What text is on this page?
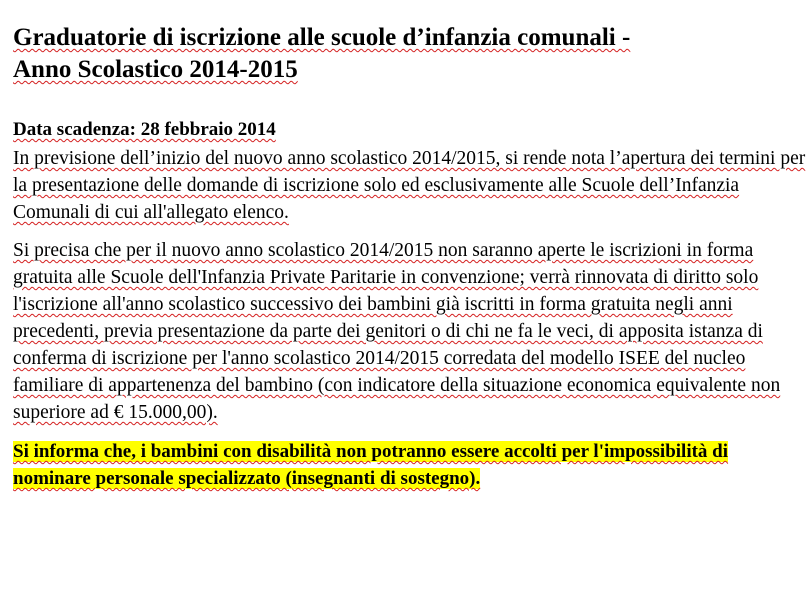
Graduatorie di iscrizione alle scuole d’infanzia comunali -
Anno Scolastico 2014-2015

Data scadenza: 28 febbraio 2014

In previsione dell’inizio del nuovo anno scolastico 2014/2015, si rende nota l’apertura dei termini per la presentazione delle domande di iscrizione solo ed esclusivamente alle Scuole dell’Infanzia Comunali di cui all'allegato elenco.

Si precisa che per il nuovo anno scolastico 2014/2015 non saranno aperte le iscrizioni in forma gratuita alle Scuole dell'Infanzia Private Paritarie in convenzione; verrà rinnovata di diritto solo l'iscrizione all'anno scolastico successivo dei bambini già iscritti in forma gratuita negli anni precedenti, previa presentazione da parte dei genitori o di chi ne fa le veci, di apposita istanza di conferma di iscrizione per l'anno scolastico 2014/2015 corredata del modello ISEE del nucleo familiare di appartenenza del bambino (con indicatore della situazione economica equivalente non superiore ad € 15.000,00).

Si informa che, i bambini con disabilità non potranno essere accolti per l'impossibilità di nominare personale specializzato (insegnanti di sostegno).
